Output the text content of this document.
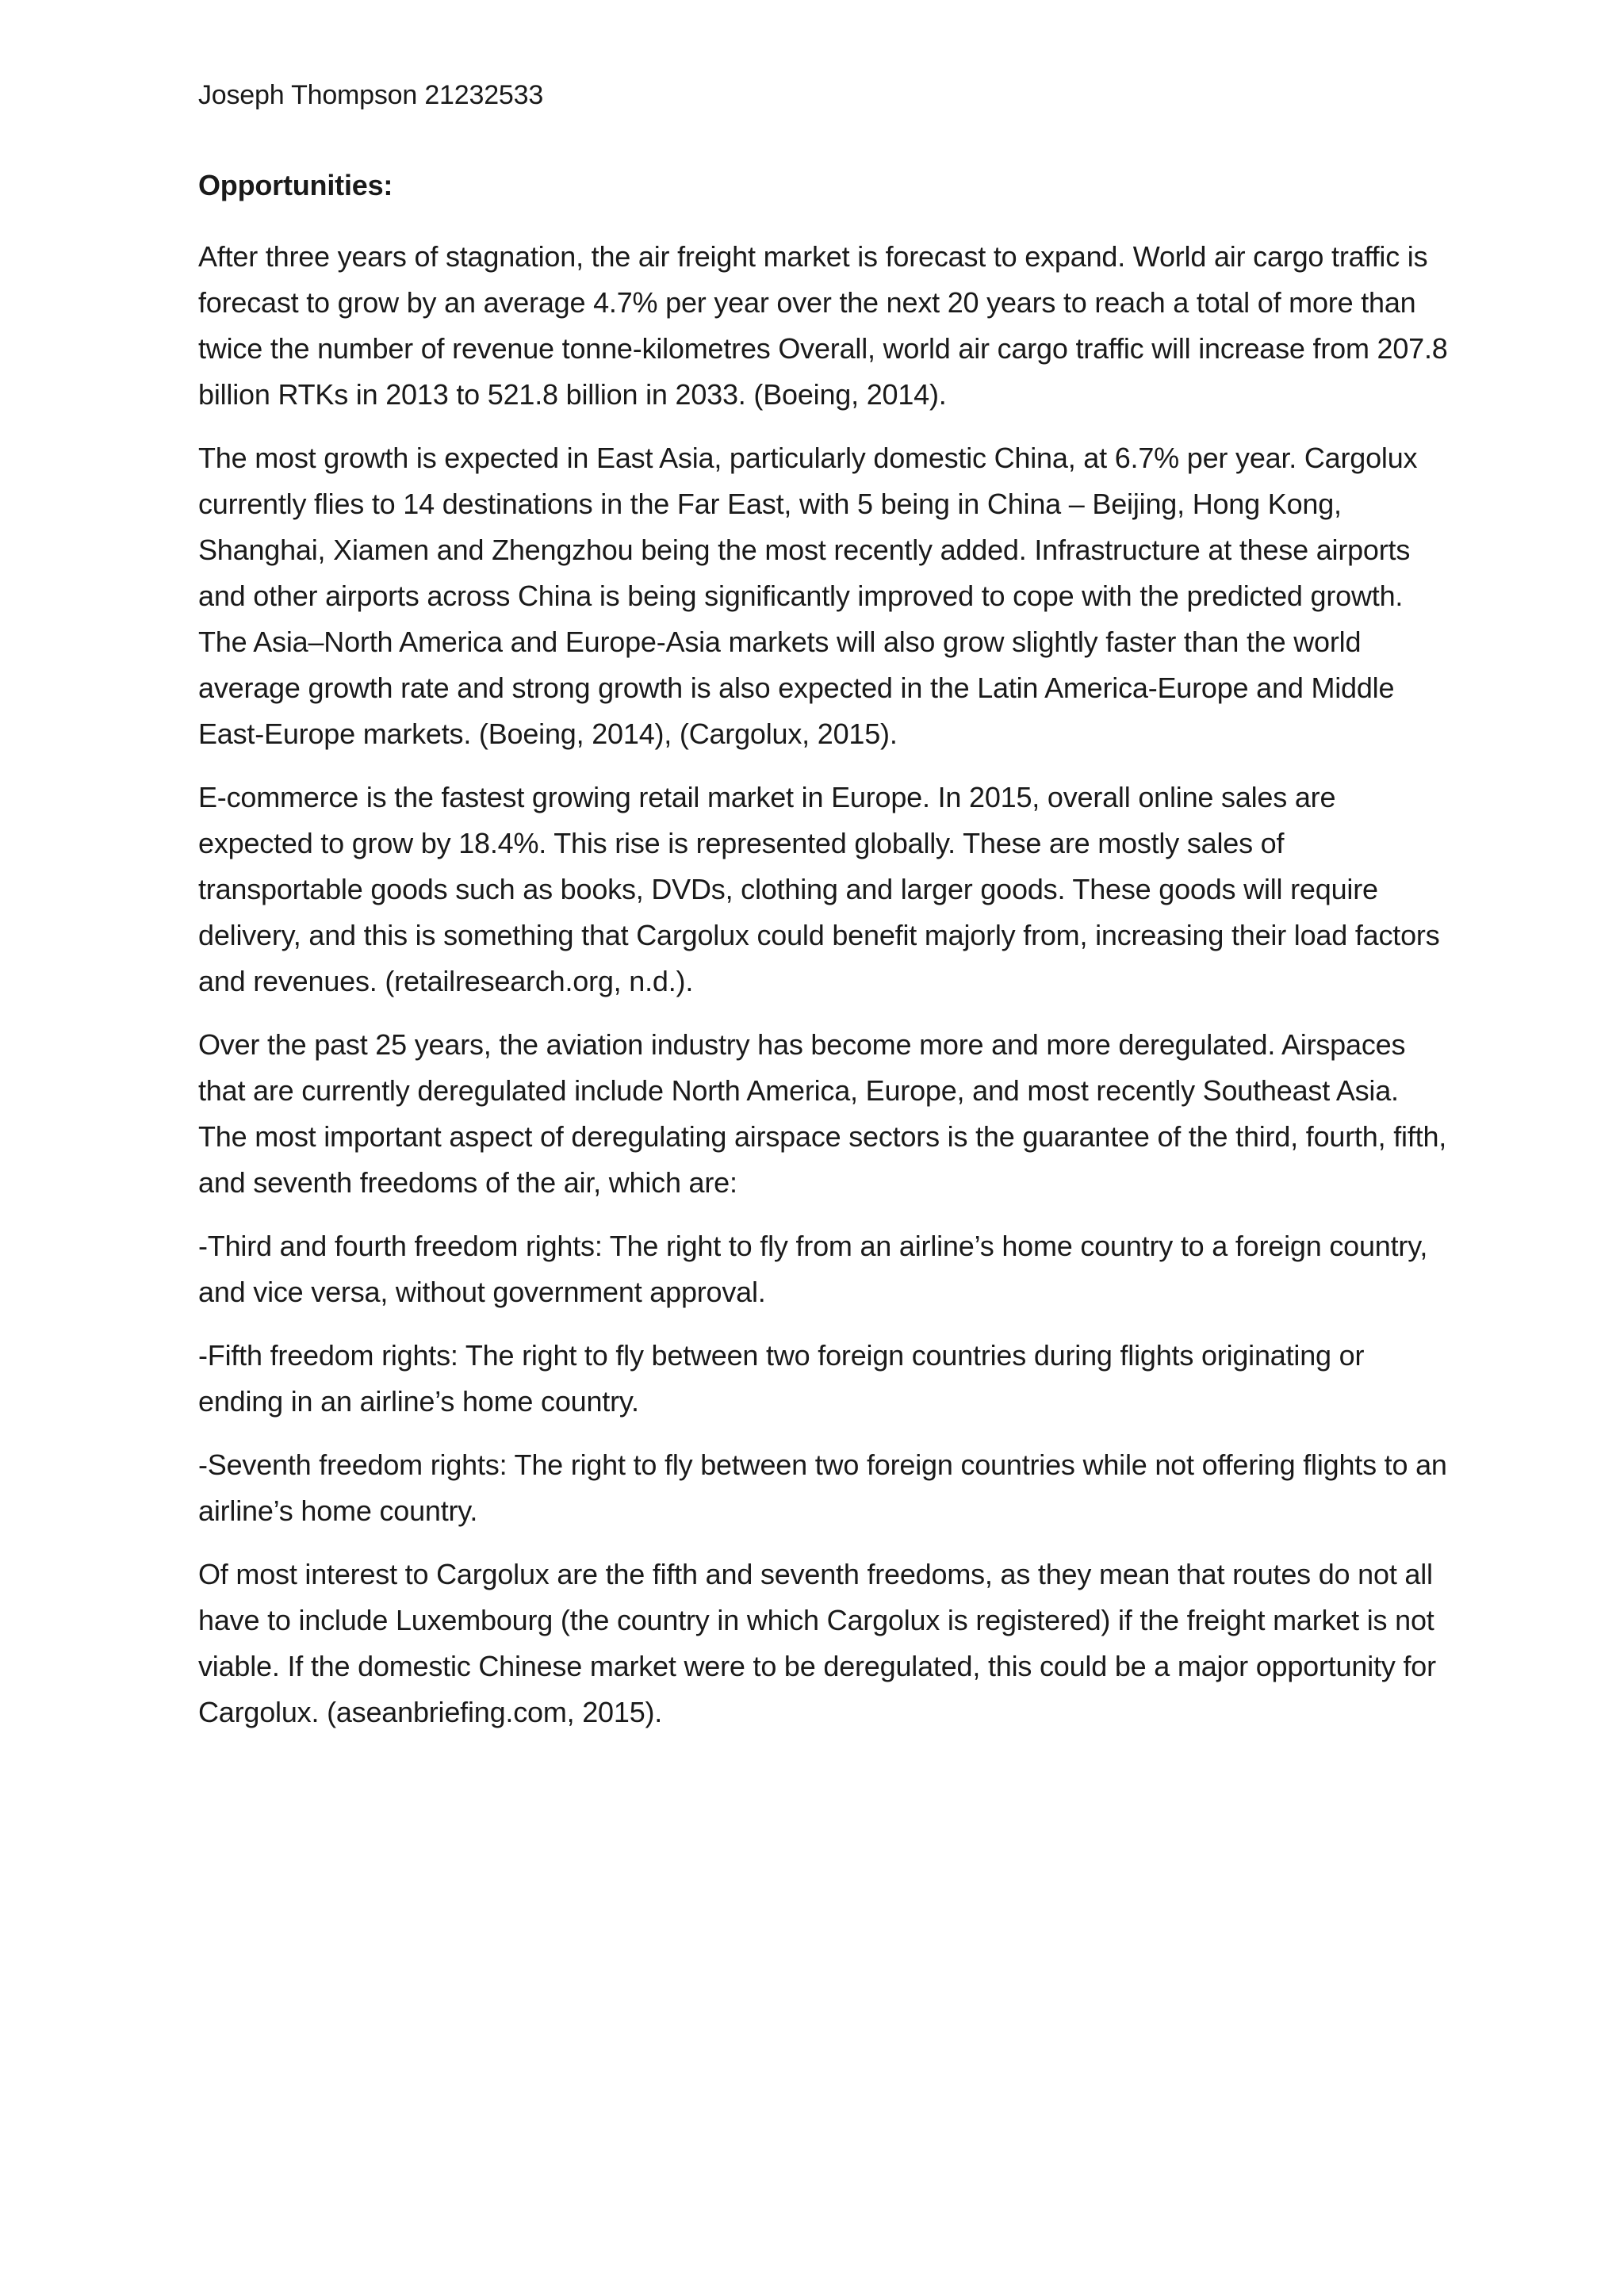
Joseph Thompson 21232533
Opportunities:

After three years of stagnation, the air freight market is forecast to expand. World air cargo traffic is forecast to grow by an average 4.7% per year over the next 20 years to reach a total of more than twice the number of revenue tonne-kilometres Overall, world air cargo traffic will increase from 207.8 billion RTKs in 2013 to 521.8 billion in 2033. (Boeing, 2014).

The most growth is expected in East Asia, particularly domestic China, at 6.7% per year. Cargolux currently flies to 14 destinations in the Far East, with 5 being in China – Beijing, Hong Kong, Shanghai, Xiamen and Zhengzhou being the most recently added. Infrastructure at these airports and other airports across China is being significantly improved to cope with the predicted growth. The Asia–North America and Europe-Asia markets will also grow slightly faster than the world average growth rate and strong growth is also expected in the Latin America-Europe and Middle East-Europe markets. (Boeing, 2014), (Cargolux, 2015).

E-commerce is the fastest growing retail market in Europe. In 2015, overall online sales are expected to grow by 18.4%. This rise is represented globally. These are mostly sales of transportable goods such as books, DVDs, clothing and larger goods. These goods will require delivery, and this is something that Cargolux could benefit majorly from, increasing their load factors and revenues. (retailresearch.org, n.d.).

Over the past 25 years, the aviation industry has become more and more deregulated. Airspaces that are currently deregulated include North America, Europe, and most recently Southeast Asia. The most important aspect of deregulating airspace sectors is the guarantee of the third, fourth, fifth, and seventh freedoms of the air, which are:

-Third and fourth freedom rights: The right to fly from an airline’s home country to a foreign country, and vice versa, without government approval.

-Fifth freedom rights: The right to fly between two foreign countries during flights originating or ending in an airline’s home country.

-Seventh freedom rights: The right to fly between two foreign countries while not offering flights to an airline’s home country.

Of most interest to Cargolux are the fifth and seventh freedoms, as they mean that routes do not all have to include Luxembourg (the country in which Cargolux is registered) if the freight market is not viable. If the domestic Chinese market were to be deregulated, this could be a major opportunity for Cargolux. (aseanbriefing.com, 2015).
